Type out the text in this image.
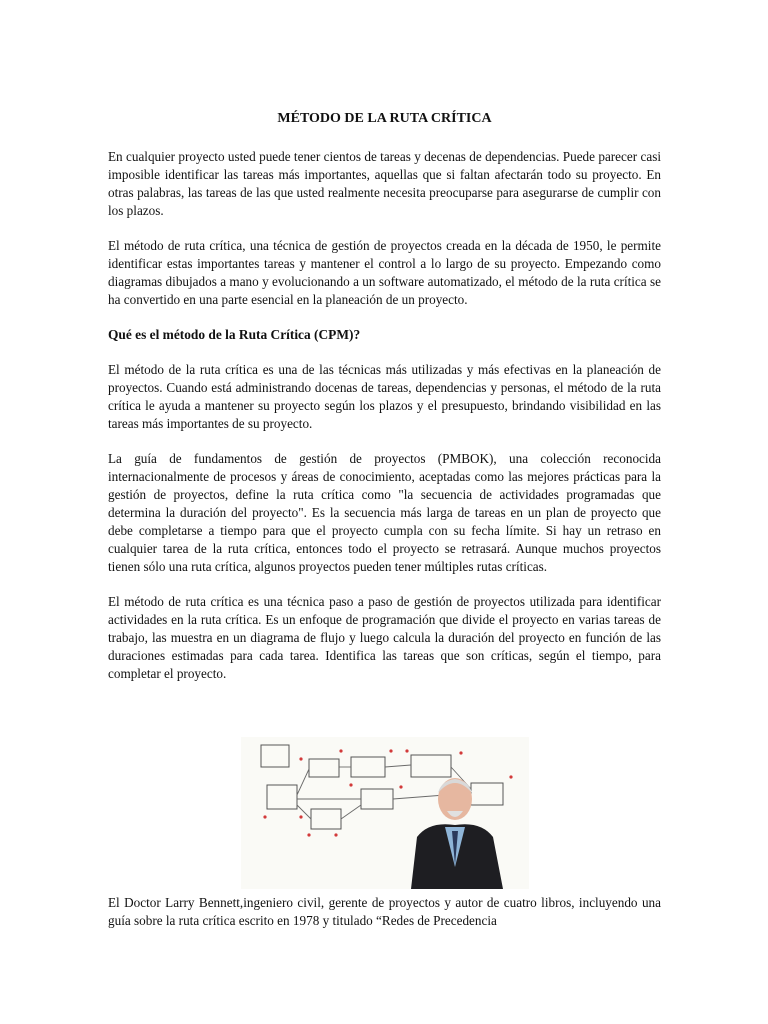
MÉTODO DE LA RUTA CRÍTICA

En cualquier proyecto usted puede tener cientos de tareas y decenas de dependencias. Puede parecer casi imposible identificar las tareas más importantes, aquellas que si faltan afectarán todo su proyecto. En otras palabras, las tareas de las que usted realmente necesita preocuparse para asegurarse de cumplir con los plazos.

El método de ruta crítica, una técnica de gestión de proyectos creada en la década de 1950, le permite identificar estas importantes tareas y mantener el control a lo largo de su proyecto. Empezando como diagramas dibujados a mano y evolucionando a un software automatizado, el método de la ruta crítica se ha convertido en una parte esencial en la planeación de un proyecto.

Qué es el método de la Ruta Crítica (CPM)?

El método de la ruta crítica es una de las técnicas más utilizadas y más efectivas en la planeación de proyectos. Cuando está administrando docenas de tareas, dependencias y personas, el método de la ruta crítica le ayuda a mantener su proyecto según los plazos y el presupuesto, brindando visibilidad en las tareas más importantes de su proyecto.

La guía de fundamentos de gestión de proyectos (PMBOK), una colección reconocida internacionalmente de procesos y áreas de conocimiento, aceptadas como las mejores prácticas para la gestión de proyectos, define la ruta crítica como "la secuencia de actividades programadas que determina la duración del proyecto". Es la secuencia más larga de tareas en un plan de proyecto que debe completarse a tiempo para que el proyecto cumpla con su fecha límite. Si hay un retraso en cualquier tarea de la ruta crítica, entonces todo el proyecto se retrasará. Aunque muchos proyectos tienen sólo una ruta crítica, algunos proyectos pueden tener múltiples rutas críticas.

El método de ruta crítica es una técnica paso a paso de gestión de proyectos utilizada para identificar actividades en la ruta crítica. Es un enfoque de programación que divide el proyecto en varias tareas de trabajo, las muestra en un diagrama de flujo y luego calcula la duración del proyecto en función de las duraciones estimadas para cada tarea. Identifica las tareas que son críticas, según el tiempo, para completar el proyecto.

El Doctor Larry Bennett,ingeniero civil, gerente de proyectos y autor de cuatro libros, incluyendo una guía sobre la ruta crítica escrito en 1978 y titulado “Redes de Precedencia
